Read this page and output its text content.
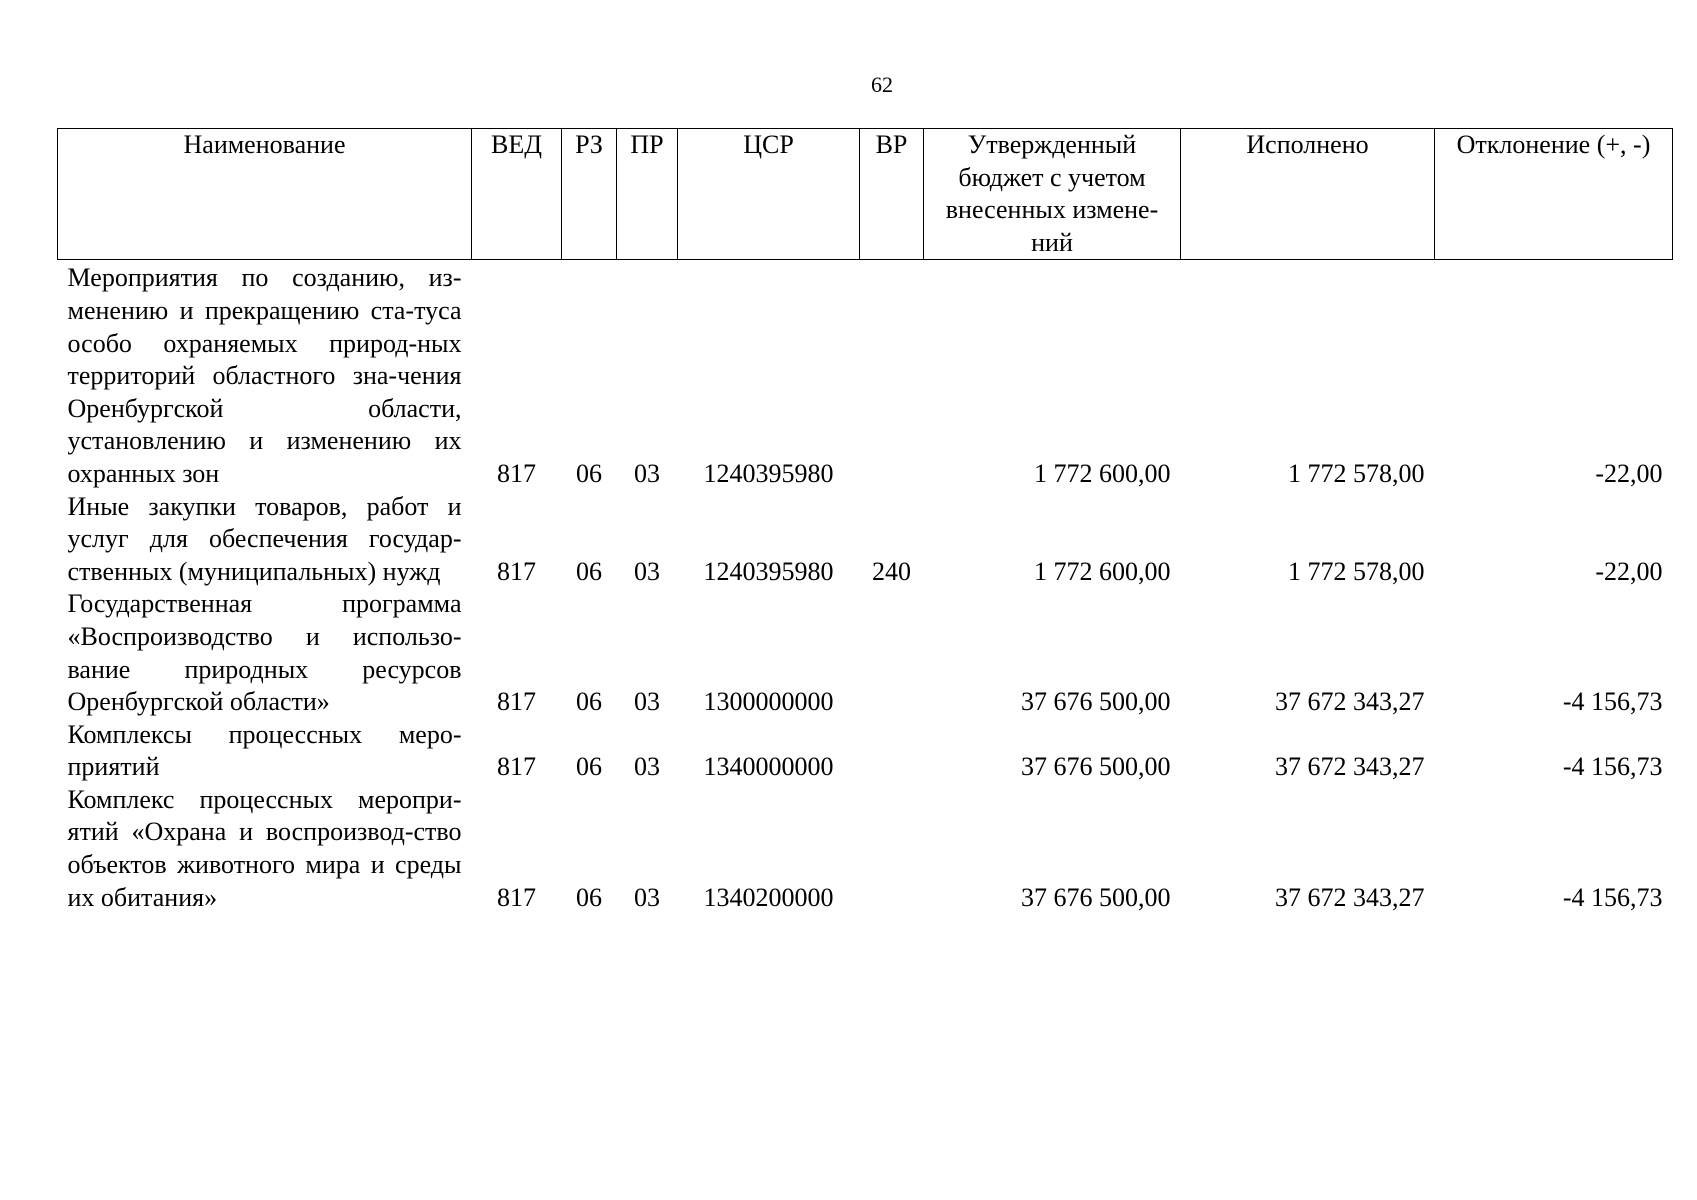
62
Наименование	ВЕД	РЗ	ПР	ЦСР	ВР	Утвержденный бюджет с учетом внесенных измене-ний	Исполнено	Отклонение (+, -)
Мероприятия по созданию, из-менению и прекращению ста-туса особо охраняемых природ-ных территорий областного зна-чения Оренбургской области, установлению и изменению их охранных зон	817	06	03	1240395980		1 772 600,00	1 772 578,00	-22,00
Иные закупки товаров, работ и услуг для обеспечения государ-ственных (муниципальных) нужд	817	06	03	1240395980	240	1 772 600,00	1 772 578,00	-22,00
Государственная программа «Воспроизводство и использо-вание природных ресурсов Оренбургской области»	817	06	03	1300000000		37 676 500,00	37 672 343,27	-4 156,73
Комплексы процессных меро-приятий	817	06	03	1340000000		37 676 500,00	37 672 343,27	-4 156,73
Комплекс процессных меропри-ятий «Охрана и воспроизвод-ство объектов животного мира и среды их обитания»	817	06	03	1340200000		37 676 500,00	37 672 343,27	-4 156,73
